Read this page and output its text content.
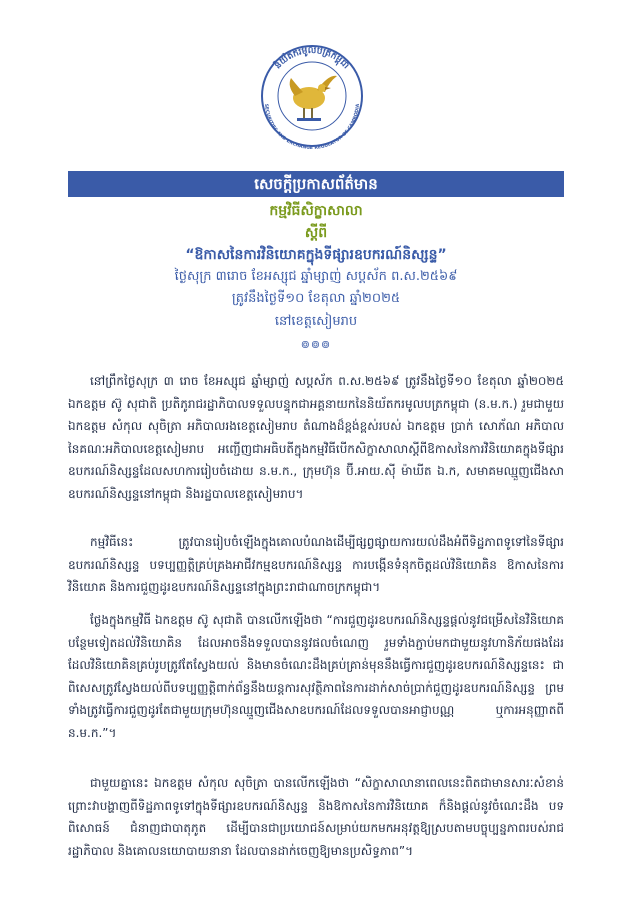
និយ័តករមូលបត្រកម្ពុជា
SECURITIES AND EXCHANGE REGULATOR OF CAMBODIA
សេចក្តីប្រកាសព័ត៌មាន
កម្មវិធីសិក្ខាសាលា
ស្តីពី
“ឱកាសនៃការវិនិយោគក្នុងទីផ្សារឧបករណ៍និស្សន្ទ”
ថ្ងៃសុក្រ ៣រោច ខែអស្សុជ ឆ្នាំម្សាញ់ សប្តស័ក ព.ស.២៥៦៩
ត្រូវនឹងថ្ងៃទី១០ ខែតុលា ឆ្នាំ២០២៥
នៅខេត្តសៀមរាប
៙៙៙
នៅព្រឹកថ្ងៃសុក្រ ៣ រោច ខែអស្សុជ ឆ្នាំម្សាញ់ សប្តស័ក ព.ស.២៥៦៩ ត្រូវនឹងថ្ងៃទី១០ ខែតុលា ឆ្នាំ២០២៥ ឯកឧត្តម ស៊ូ សុជាតិ ប្រតិភូរាជរដ្ឋាភិបាលទទួលបន្ទុកជាអគ្គនាយកនៃនិយ័តករមូលបត្រកម្ពុជា (ន.ម.ក.) រួមជាមួយ ឯកឧត្តម សំកុល សុចិត្រា អភិបាលរងខេត្តសៀមរាប តំណាងដ៏ខ្ពង់ខ្ពស់របស់ ឯកឧត្តម ប្រាក់ សោភ័ណ អភិបាល នៃគណៈអភិបាលខេត្តសៀមរាប អញ្ជើញជាអធិបតីក្នុងកម្មវិធីបើកសិក្ខាសាលាស្តីពីឱកាសនៃការវិនិយោគក្នុងទីផ្សារឧបករណ៍និស្សន្ទដែលសហការរៀបចំដោយ ន.ម.ក., ក្រុមហ៊ុន ប៊ី.អាយ.ស៊ី ម៉ាឃីត ឯ.ក, សមាគមឈ្មួញជើងសាឧបករណ៍និស្សន្ទនៅកម្ពុជា និងរដ្ឋបាលខេត្តសៀមរាប។
កម្មវិធីនេះ ត្រូវបានរៀបចំឡើងក្នុងគោលបំណងដើម្បីផ្សព្វផ្សាយការយល់ដឹងអំពីទិដ្ឋភាពទូទៅនៃទីផ្សារឧបករណ៍និស្សន្ទ បទប្បញ្ញត្តិគ្រប់គ្រងអាជីវកម្មឧបករណ៍និស្សន្ទ ការបង្កើនទំនុកចិត្តដល់វិនិយោគិន ឱកាសនៃការវិនិយោគ និងការជួញដូរឧបករណ៍និស្សន្ទនៅក្នុងព្រះរាជាណាចក្រកម្ពុជា។
ថ្លែងក្នុងកម្មវិធី ឯកឧត្តម ស៊ូ សុជាតិ បានលើកឡើងថា “ការជួញដូរឧបករណ៍និស្សន្ទផ្តល់នូវជម្រើសនៃវិនិយោគបន្ថែមទៀតដល់វិនិយោគិន ដែលអាចនឹងទទួលបាននូវផលចំណេញ រួមទាំងភ្ជាប់មកជាមួយនូវហានិភ័យផងដែរ ដែលវិនិយោគិនគ្រប់រូបត្រូវតែស្វែងយល់ និងមានចំណេះដឹងគ្រប់គ្រាន់មុននឹងធ្វើការជួញដូរឧបករណ៍និស្សន្ទនេះ ជាពិសេសត្រូវស្វែងយល់ពីបទប្បញ្ញត្តិពាក់ព័ន្ធនឹងយន្តការសុវត្ថិភាពនៃការដាក់សាច់ប្រាក់ជួញដូរឧបករណ៍និស្សន្ទ ព្រមទាំងត្រូវធ្វើការជួញដូរតែជាមួយក្រុមហ៊ុនឈ្មួញជើងសាឧបករណ៍ដែលទទួលបានអាជ្ញាបណ្ណ ឬការអនុញ្ញាតពី ន.ម.ក.”។
ជាមួយគ្នានេះ ឯកឧត្តម សំកុល សុចិត្រា បានលើកឡើងថា “សិក្ខាសាលានាពេលនេះពិតជាមានសារៈសំខាន់ព្រោះវាបង្ហាញពីទិដ្ឋភាពទូទៅក្នុងទីផ្សារឧបករណ៍និស្សន្ទ និងឱកាសនៃការវិនិយោគ ក៏និងផ្តល់នូវចំណេះដឹង បទពិសោធន៍ ជំនាញជាបាតុភូត ដើម្បីបានជាប្រយោជន៍សម្រាប់យកមកអនុវត្តឱ្យស្របតាមបច្ចុប្បន្នភាពរបស់រាជរដ្ឋាភិបាល និងគោលនយោបាយនានា ដែលបានដាក់ចេញឱ្យមានប្រសិទ្ធភាព”។
